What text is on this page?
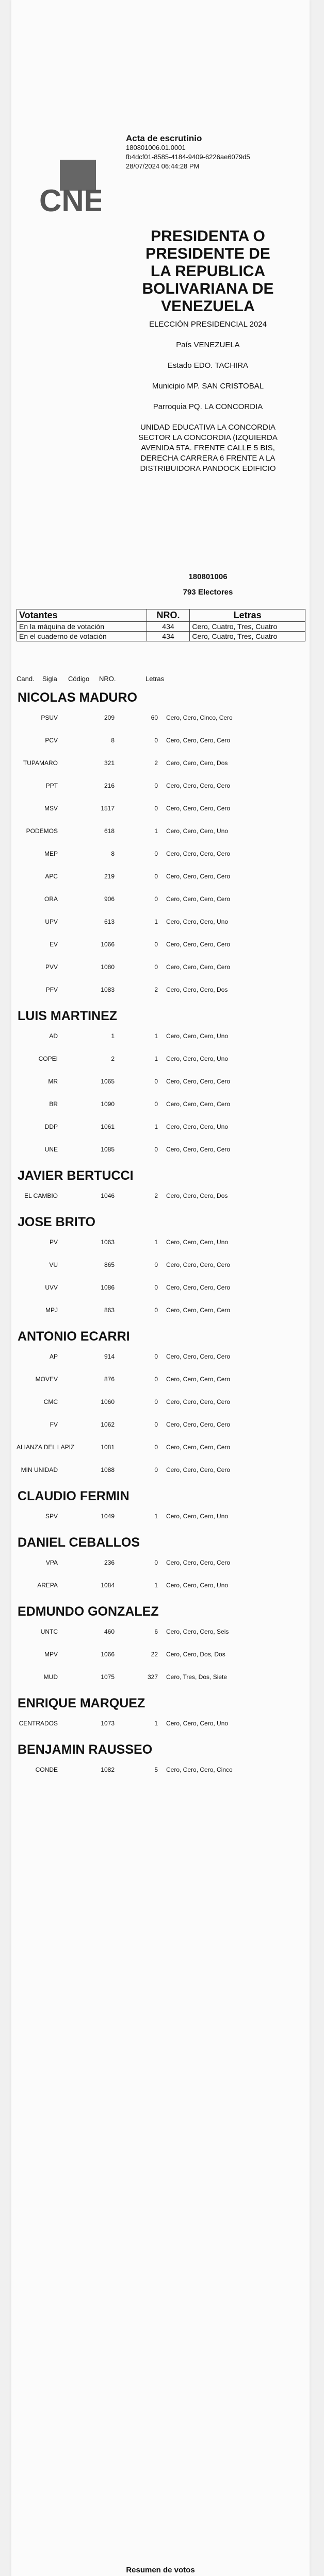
CNE
Acta de escrutinio
180801006.01.0001
fb4dcf01-8585-4184-9409-6226ae6079d5
28/07/2024 06:44:28 PM
PRESIDENTA O PRESIDENTE DE LA REPUBLICA BOLIVARIANA DE VENEZUELA
ELECCIÓN PRESIDENCIAL 2024
País VENEZUELA
Estado EDO. TACHIRA
Municipio MP. SAN CRISTOBAL
Parroquia PQ. LA CONCORDIA
UNIDAD EDUCATIVA LA CONCORDIA SECTOR LA CONCORDIA (IZQUIERDA AVENIDA 5TA. FRENTE CALLE 5 BIS, DERECHA CARRERA 6 FRENTE A LA DISTRIBUIDORA PANDOCK EDIFICIO
180801006
793 Electores
Votantes	NRO.	Letras
En la máquina de votación	434	Cero, Cuatro, Tres, Cuatro
En el cuaderno de votación	434	Cero, Cuatro, Tres, Cuatro
Cand. Sigla Código NRO.	Letras
NICOLAS MADURO
PSUV	209	60 Cero, Cero, Cinco, Cero
PCV	8	0 Cero, Cero, Cero, Cero
TUPAMARO	321	2 Cero, Cero, Cero, Dos
PPT	216	0 Cero, Cero, Cero, Cero
MSV	1517	0 Cero, Cero, Cero, Cero
PODEMOS	618	1 Cero, Cero, Cero, Uno
MEP	8	0 Cero, Cero, Cero, Cero
APC	219	0 Cero, Cero, Cero, Cero
ORA	906	0 Cero, Cero, Cero, Cero
UPV	613	1 Cero, Cero, Cero, Uno
EV	1066	0 Cero, Cero, Cero, Cero
PVV	1080	0 Cero, Cero, Cero, Cero
PFV	1083	2 Cero, Cero, Cero, Dos
LUIS MARTINEZ
AD	1	1 Cero, Cero, Cero, Uno
COPEI	2	1 Cero, Cero, Cero, Uno
MR	1065	0 Cero, Cero, Cero, Cero
BR	1090	0 Cero, Cero, Cero, Cero
DDP	1061	1 Cero, Cero, Cero, Uno
UNE	1085	0 Cero, Cero, Cero, Cero
JAVIER BERTUCCI
EL CAMBIO	1046	2 Cero, Cero, Cero, Dos
JOSE BRITO
PV	1063	1 Cero, Cero, Cero, Uno
VU	865	0 Cero, Cero, Cero, Cero
UVV	1086	0 Cero, Cero, Cero, Cero
MPJ	863	0 Cero, Cero, Cero, Cero
ANTONIO ECARRI
AP	914	0 Cero, Cero, Cero, Cero
MOVEV	876	0 Cero, Cero, Cero, Cero
CMC	1060	0 Cero, Cero, Cero, Cero
FV	1062	0 Cero, Cero, Cero, Cero
ALIANZA DEL LAPIZ	1081	0 Cero, Cero, Cero, Cero
MIN UNIDAD	1088	0 Cero, Cero, Cero, Cero
CLAUDIO FERMIN
SPV	1049	1 Cero, Cero, Cero, Uno
DANIEL CEBALLOS
VPA	236	0 Cero, Cero, Cero, Cero
AREPA	1084	1 Cero, Cero, Cero, Uno
EDMUNDO GONZALEZ
UNTC	460	6 Cero, Cero, Cero, Seis
MPV	1066	22 Cero, Cero, Dos, Dos
MUD	1075	327 Cero, Tres, Dos, Siete
ENRIQUE MARQUEZ
CENTRADOS	1073	1 Cero, Cero, Cero, Uno
BENJAMIN RAUSSEO
CONDE	1082	5 Cero, Cero, Cero, Cinco
Resumen de votos
